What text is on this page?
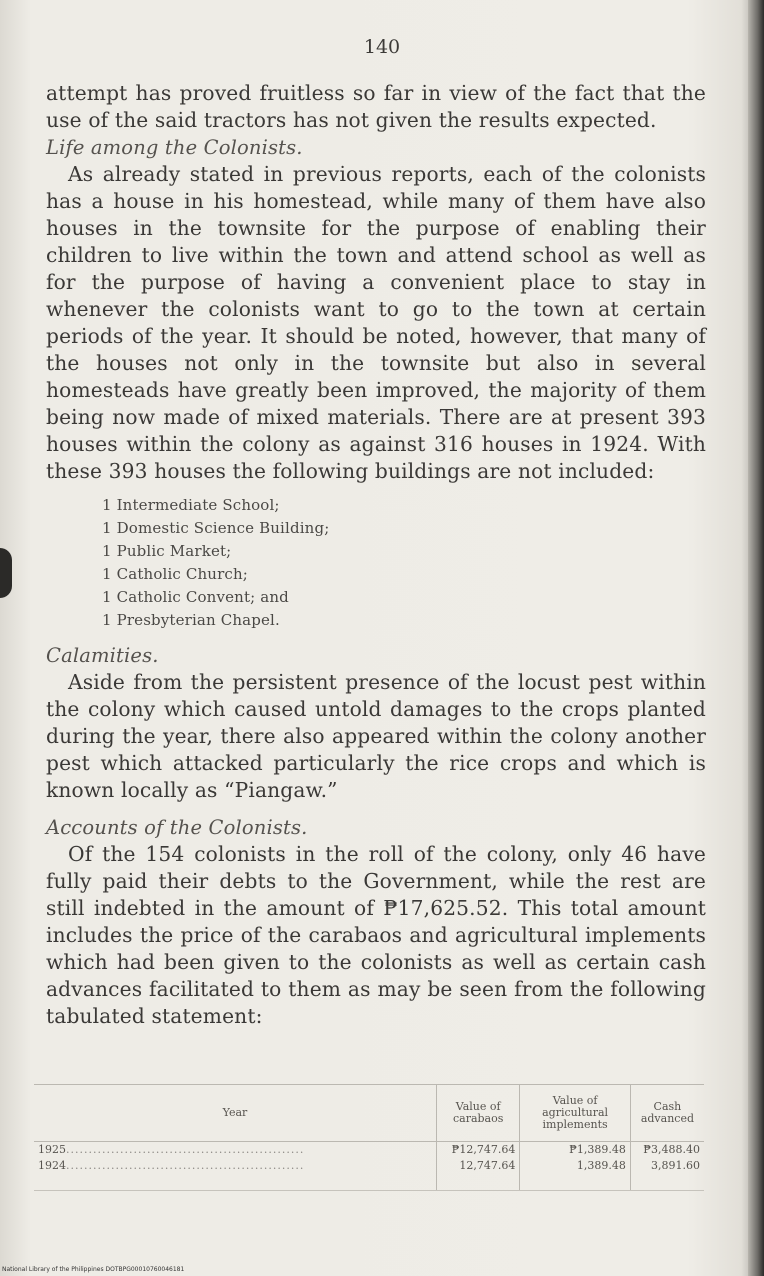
140

attempt has proved fruitless so far in view of the fact that the use of the said tractors has not given the results expected.

Life among the Colonists.

As already stated in previous reports, each of the colonists has a house in his homestead, while many of them have also houses in the townsite for the purpose of enabling their children to live within the town and attend school as well as for the purpose of having a convenient place to stay in whenever the colonists want to go to the town at certain periods of the year. It should be noted, however, that many of the houses not only in the townsite but also in several homesteads have greatly been improved, the majority of them being now made of mixed materials. There are at present 393 houses within the colony as against 316 houses in 1924. With these 393 houses the following buildings are not included:

1 Intermediate School;
1 Domestic Science Building;
1 Public Market;
1 Catholic Church;
1 Catholic Convent; and
1 Presbyterian Chapel.

Calamities.

Aside from the persistent presence of the locust pest within the colony which caused untold damages to the crops planted during the year, there also appeared within the colony another pest which attacked particularly the rice crops and which is known locally as “Piangaw.”

Accounts of the Colonists.

Of the 154 colonists in the roll of the colony, only 46 have fully paid their debts to the Government, while the rest are still indebted in the amount of ₱17,625.52. This total amount includes the price of the carabaos and agricultural implements which had been given to the colonists as well as certain cash advances facilitated to them as may be seen from the following tabulated statement:

Year	Value of carabaos	Value of agricultural implements	Cash advanced
1925.....................................................	₱12,747.64	₱1,389.48	₱3,488.40
1924.....................................................	12,747.64	1,389.48	3,891.60
National Library of the Philippines DOTBPG00010760046181
